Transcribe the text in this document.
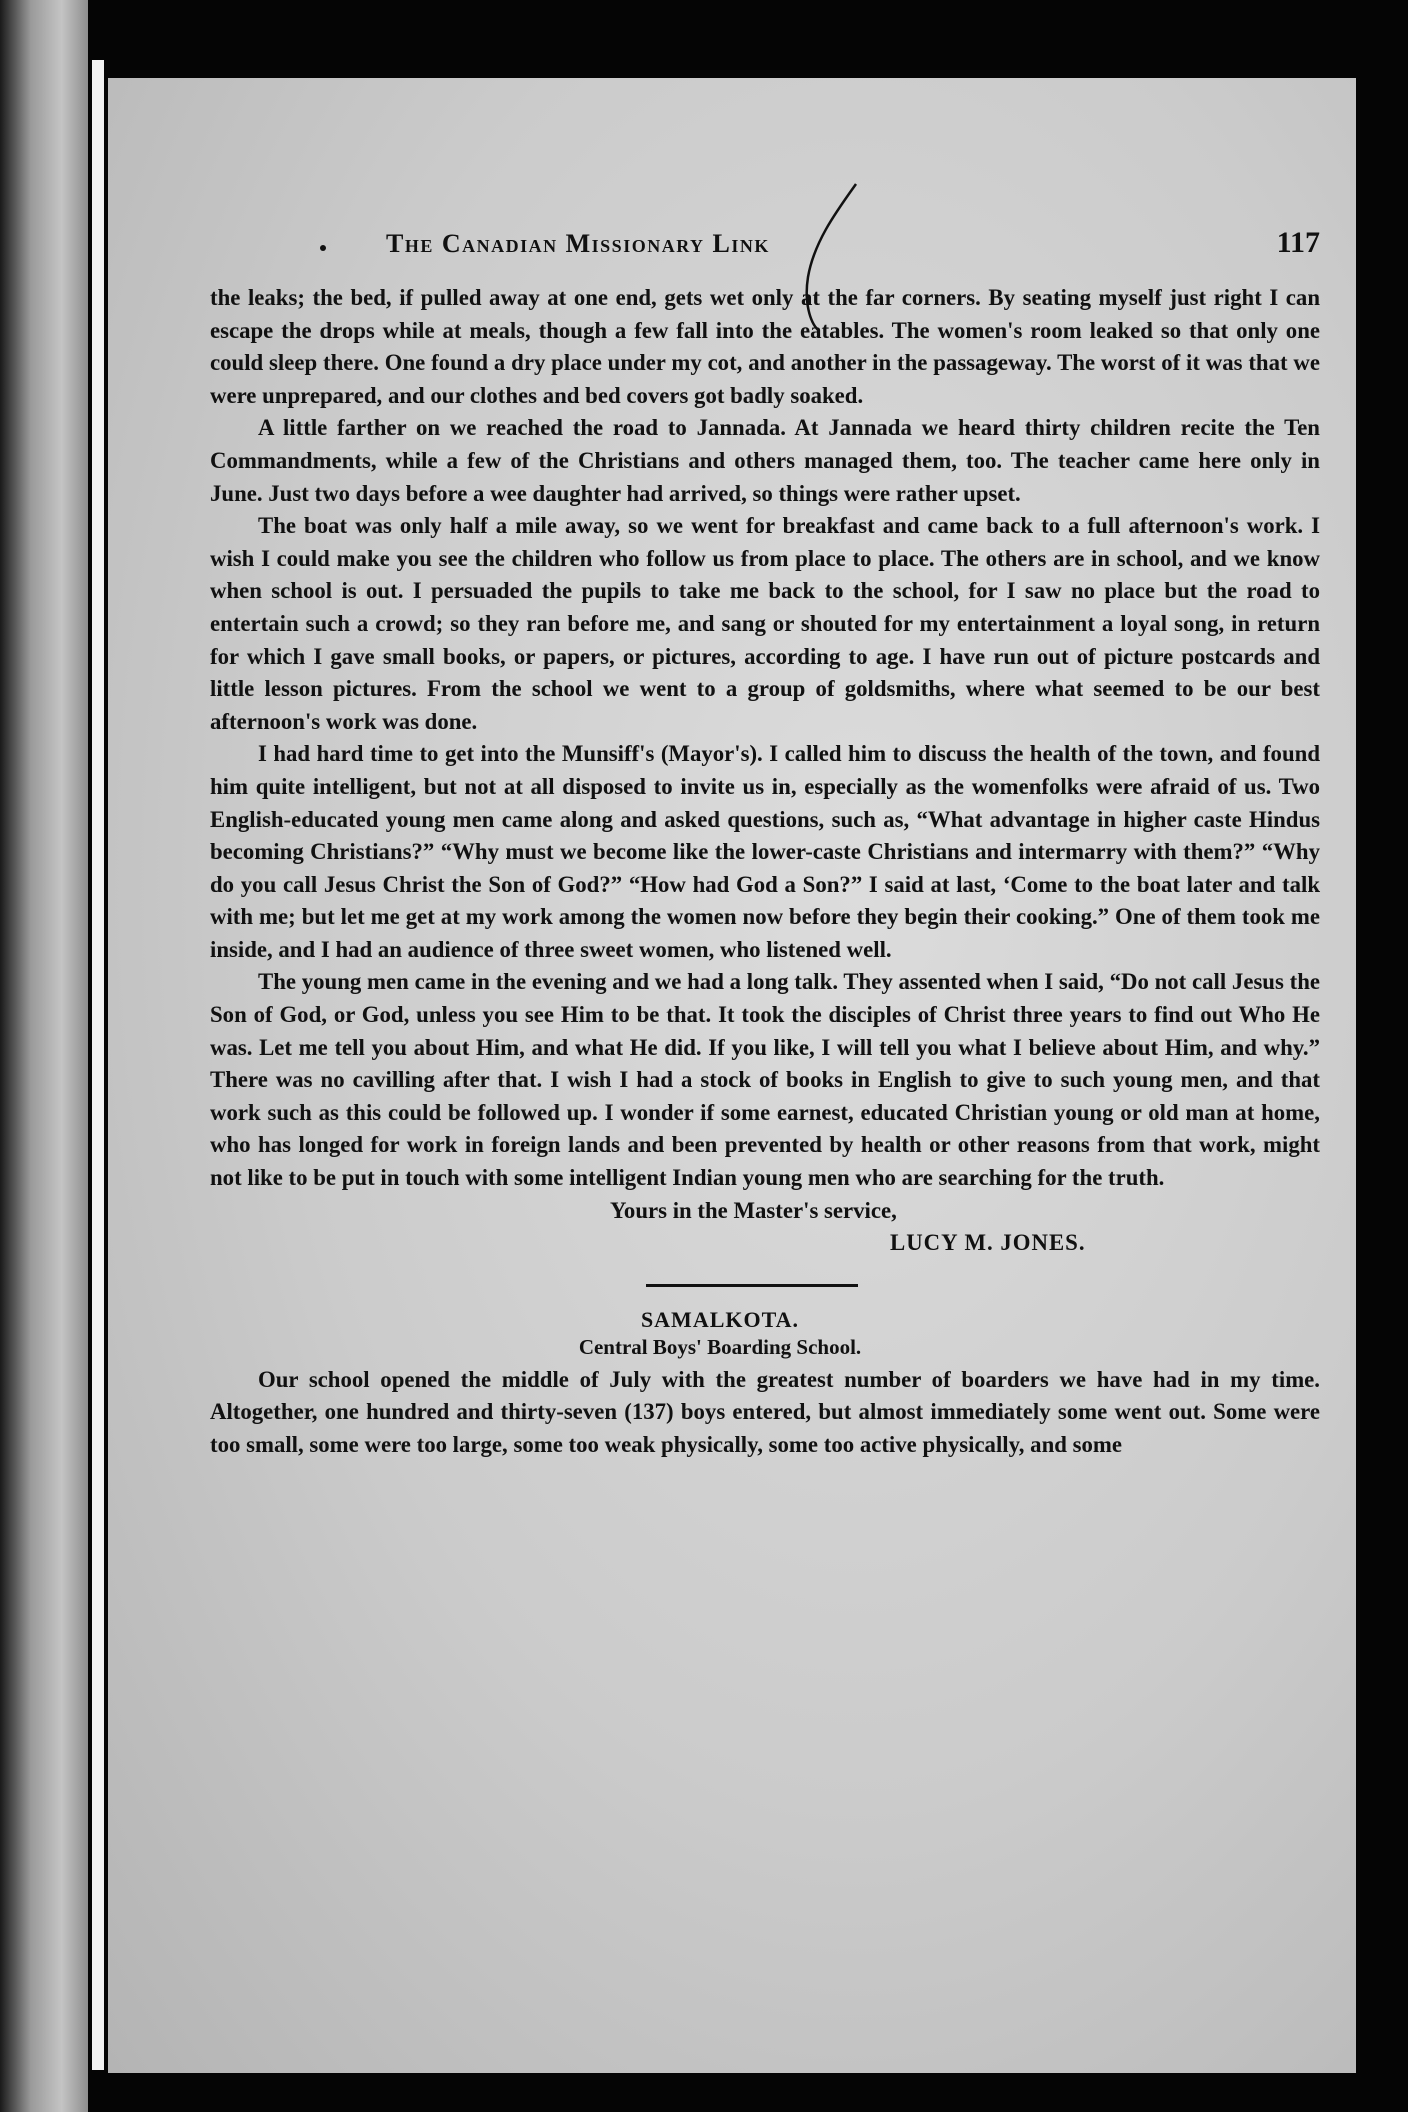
The Canadian Missionary Link	117

the leaks; the bed, if pulled away at one end, gets wet only at the far corners. By seating myself just right I can escape the drops while at meals, though a few fall into the eatables. The women's room leaked so that only one could sleep there. One found a dry place under my cot, and another in the passageway. The worst of it was that we were unprepared, and our clothes and bed covers got badly soaked.

A little farther on we reached the road to Jannada. At Jannada we heard thirty children recite the Ten Commandments, while a few of the Christians and others managed them, too. The teacher came here only in June. Just two days before a wee daughter had arrived, so things were rather upset.

The boat was only half a mile away, so we went for breakfast and came back to a full afternoon's work. I wish I could make you see the children who follow us from place to place. The others are in school, and we know when school is out. I persuaded the pupils to take me back to the school, for I saw no place but the road to entertain such a crowd; so they ran before me, and sang or shouted for my entertainment a loyal song, in return for which I gave small books, or papers, or pictures, according to age. I have run out of picture postcards and little lesson pictures. From the school we went to a group of goldsmiths, where what seemed to be our best afternoon's work was done.

I had hard time to get into the Munsiff's (Mayor's). I called him to discuss the health of the town, and found him quite intelligent, but not at all disposed to invite us in, especially as the womenfolks were afraid of us. Two English-educated young men came along and asked questions, such as, “What advantage in higher caste Hindus becoming Christians?” “Why must we become like the lower-caste Christians and intermarry with them?” “Why do you call Jesus Christ the Son of God?” “How had God a Son?” I said at last, ‘Come to the boat later and talk with me; but let me get at my work among the women now before they begin their cooking.” One of them took me inside, and I had an audience of three sweet women, who listened well.

The young men came in the evening and we had a long talk. They assented when I said, “Do not call Jesus the Son of God, or God, unless you see Him to be that. It took the disciples of Christ three years to find out Who He was. Let me tell you about Him, and what He did. If you like, I will tell you what I believe about Him, and why.” There was no cavilling after that. I wish I had a stock of books in English to give to such young men, and that work such as this could be followed up. I wonder if some earnest, educated Christian young or old man at home, who has longed for work in foreign lands and been prevented by health or other reasons from that work, might not like to be put in touch with some intelligent Indian young men who are searching for the truth.

Yours in the Master's service,
LUCY M. JONES.
SAMALKOTA.
Central Boys' Boarding School.

Our school opened the middle of July with the greatest number of boarders we have had in my time. Altogether, one hundred and thirty-seven (137) boys entered, but almost immediately some went out. Some were too small, some were too large, some too weak physically, some too active physically, and some
